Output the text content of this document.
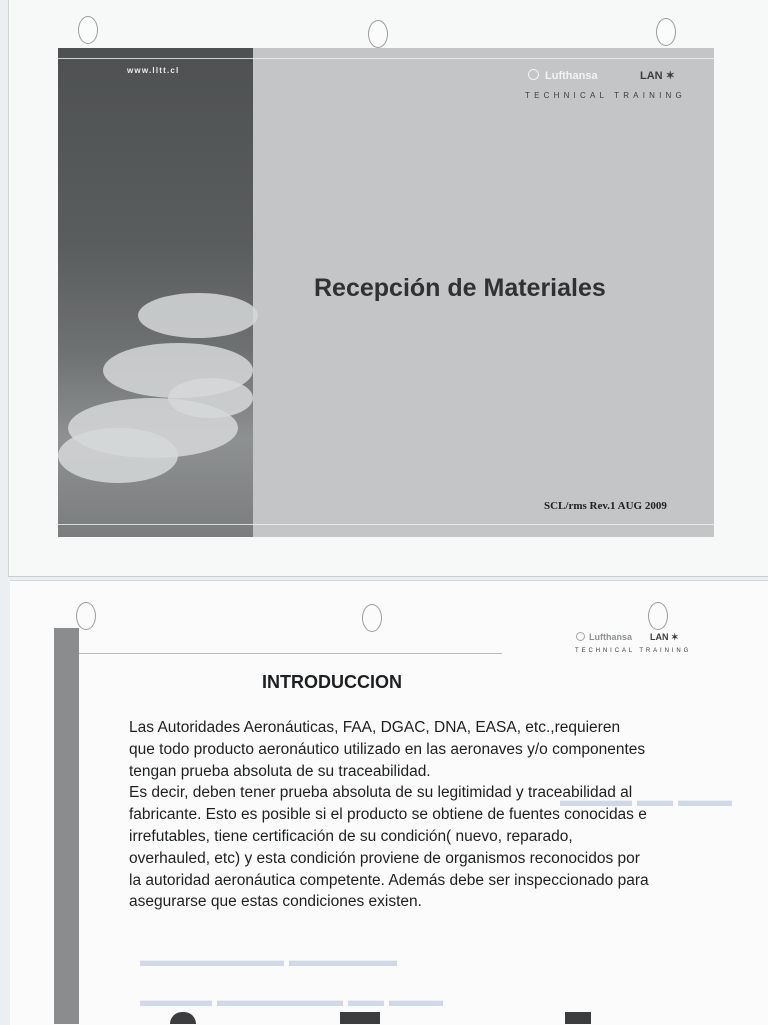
www.lltt.cl	Lufthansa	LAN ✶
TECHNICAL TRAINING
Recepción de Materiales
SCL/rms Rev.1 AUG 2009
▬▬▬ ▬▬ ▬▬▬▬
▬▬▬▬▬▬ ▬▬▬▬▬▬▬▬
▬▬▬ ▬▬ ▬▬▬▬▬▬▬ ▬▬▬▬
Lufthansa LAN ✶
TECHNICAL TRAINING
INTRODUCCION

Las Autoridades Aeronáuticas, FAA, DGAC, DNA, EASA, etc.,requieren que todo producto aeronáutico utilizado en las aeronaves y/o componentes tengan prueba absoluta de su traceabilidad.

Es decir, deben tener prueba absoluta de su legitimidad y traceabilidad al fabricante. Esto es posible si el producto se obtiene de fuentes conocidas e irrefutables, tiene certificación de su condición( nuevo, reparado, overhauled, etc) y esta condición proviene de organismos reconocidos por la autoridad aeronáutica competente. Además debe ser inspeccionado para asegurarse que estas condiciones existen.
